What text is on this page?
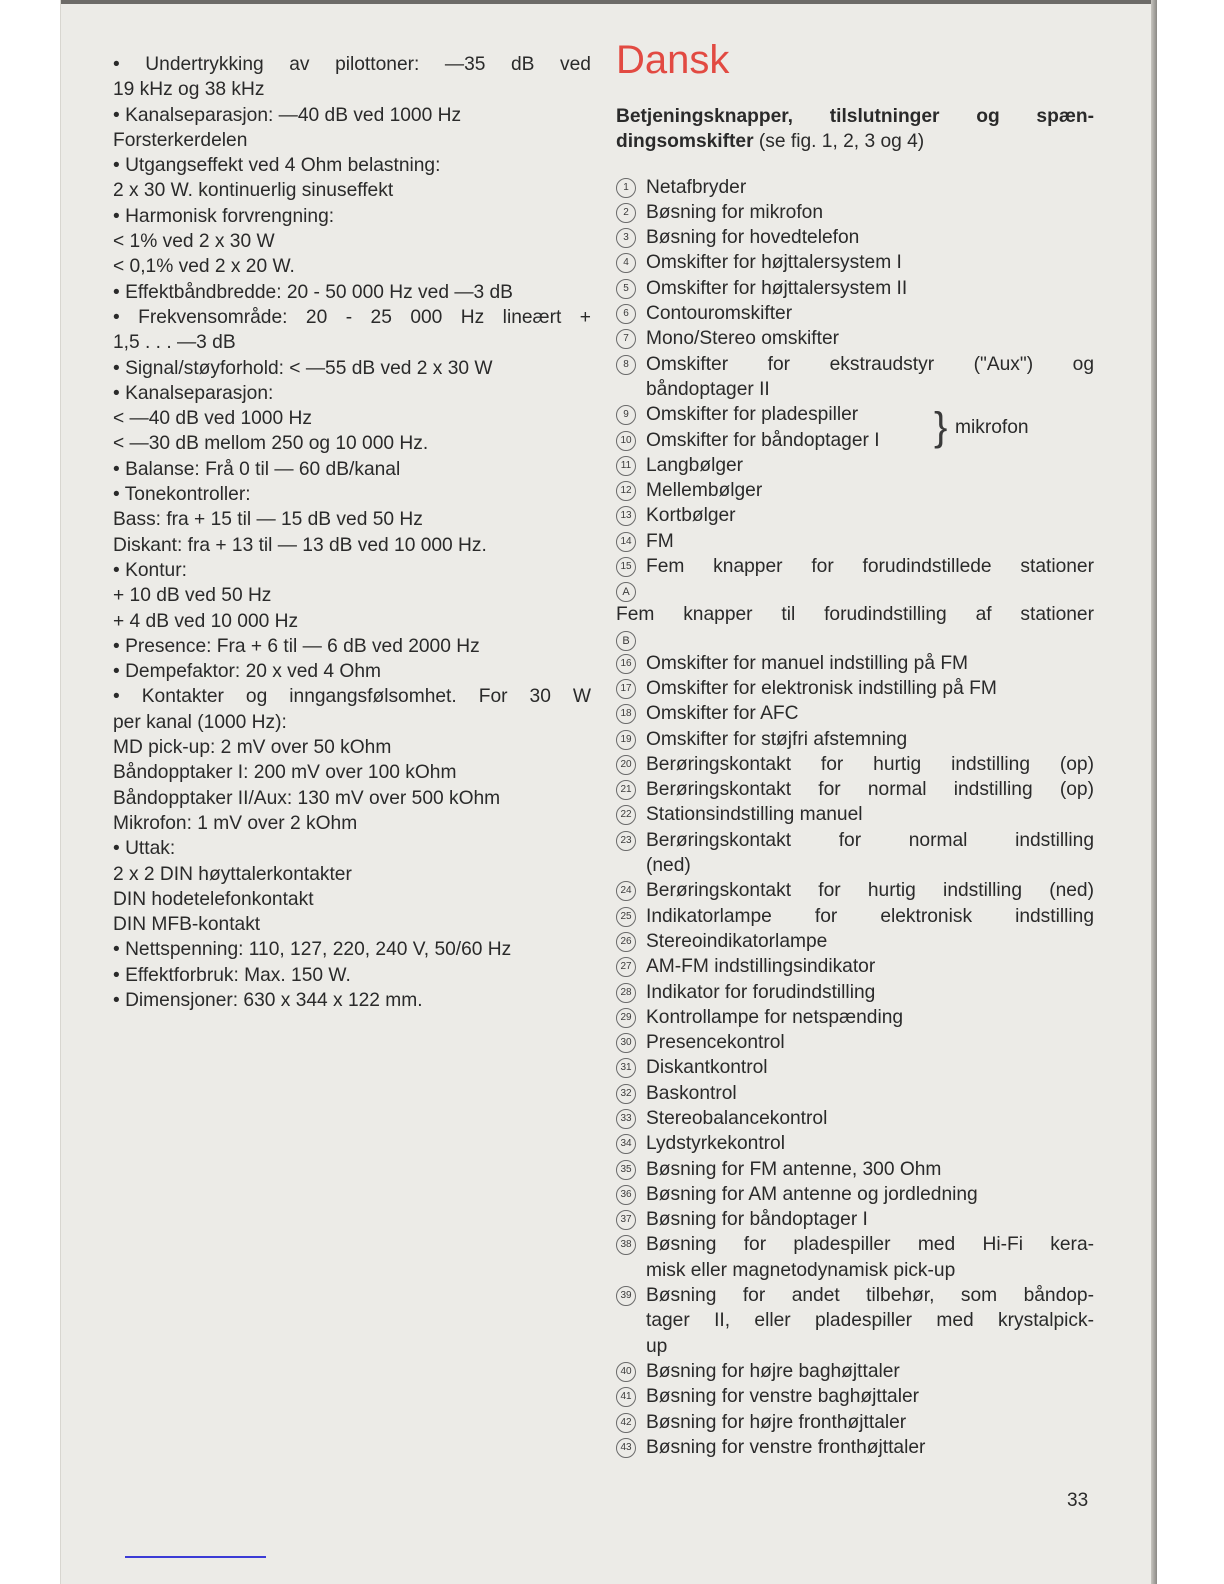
• Undertrykking av pilottoner: —35 dB ved
19 kHz og 38 kHz
• Kanalseparasjon: —40 dB ved 1000 Hz
Forsterkerdelen
• Utgangseffekt ved 4 Ohm belastning:
2 x 30 W. kontinuerlig sinuseffekt
• Harmonisk forvrengning:
< 1% ved 2 x 30 W
< 0,1% ved 2 x 20 W.
• Effektbåndbredde: 20 - 50 000 Hz ved —3 dB
• Frekvensområde: 20 - 25 000 Hz lineært +
1,5 . . . —3 dB
• Signal/støyforhold: < —55 dB ved 2 x 30 W
• Kanalseparasjon:
< —40 dB ved 1000 Hz
< —30 dB mellom 250 og 10 000 Hz.
• Balanse: Frå 0 til — 60 dB/kanal
• Tonekontroller:
Bass: fra + 15 til — 15 dB ved 50 Hz
Diskant: fra + 13 til — 13 dB ved 10 000 Hz.
• Kontur:
+ 10 dB ved 50 Hz
+ 4 dB ved 10 000 Hz
• Presence: Fra + 6 til — 6 dB ved 2000 Hz
• Dempefaktor: 20 x ved 4 Ohm
• Kontakter og inngangsfølsomhet. For 30 W
per kanal (1000 Hz):
MD pick-up: 2 mV over 50 kOhm
Båndopptaker I: 200 mV over 100 kOhm
Båndopptaker II/Aux: 130 mV over 500 kOhm
Mikrofon: 1 mV over 2 kOhm
• Uttak:
2 x 2 DIN høyttalerkontakter
DIN hodetelefonkontakt
DIN MFB-kontakt
• Nettspenning: 110, 127, 220, 240 V, 50/60 Hz
• Effektforbruk: Max. 150 W.
• Dimensjoner: 630 x 344 x 122 mm.
Dansk
Betjeningsknapper, tilslutninger og spæn-
dingsomskifter (se fig. 1, 2, 3 og 4)
1 Netafbryder
2 Bøsning for mikrofon
3 Bøsning for hovedtelefon
4 Omskifter for højttalersystem I
5 Omskifter for højttalersystem II
6 Contouromskifter
7 Mono/Stereo omskifter
8 Omskifter for ekstraudstyr ("Aux") og
båndoptager II
9 Omskifter for pladespiller
10 Omskifter for båndoptager I	} mikrofon
11 Langbølger
12 Mellembølger
13 Kortbølger
14 FM
15 Fem knapper for forudindstillede stationer
A
Fem knapper til forudindstilling af stationer
B
16 Omskifter for manuel indstilling på FM
17 Omskifter for elektronisk indstilling på FM
18 Omskifter for AFC
19 Omskifter for støjfri afstemning
20 Berøringskontakt for hurtig indstilling (op)
21 Berøringskontakt for normal indstilling (op)
22 Stationsindstilling manuel
23 Berøringskontakt for normal indstilling
(ned)
24 Berøringskontakt for hurtig indstilling (ned)
25 Indikatorlampe for elektronisk indstilling
26 Stereoindikatorlampe
27 AM-FM indstillingsindikator
28 Indikator for forudindstilling
29 Kontrollampe for netspænding
30 Presencekontrol
31 Diskantkontrol
32 Baskontrol
33 Stereobalancekontrol
34 Lydstyrkekontrol
35 Bøsning for FM antenne, 300 Ohm
36 Bøsning for AM antenne og jordledning
37 Bøsning for båndoptager I
38 Bøsning for pladespiller med Hi-Fi kera-
misk eller magnetodynamisk pick-up
39 Bøsning for andet tilbehør, som båndop-
tager II, eller pladespiller med krystalpick-
up
40 Bøsning for højre baghøjttaler
41 Bøsning for venstre baghøjttaler
42 Bøsning for højre fronthøjttaler
43 Bøsning for venstre fronthøjttaler
33
